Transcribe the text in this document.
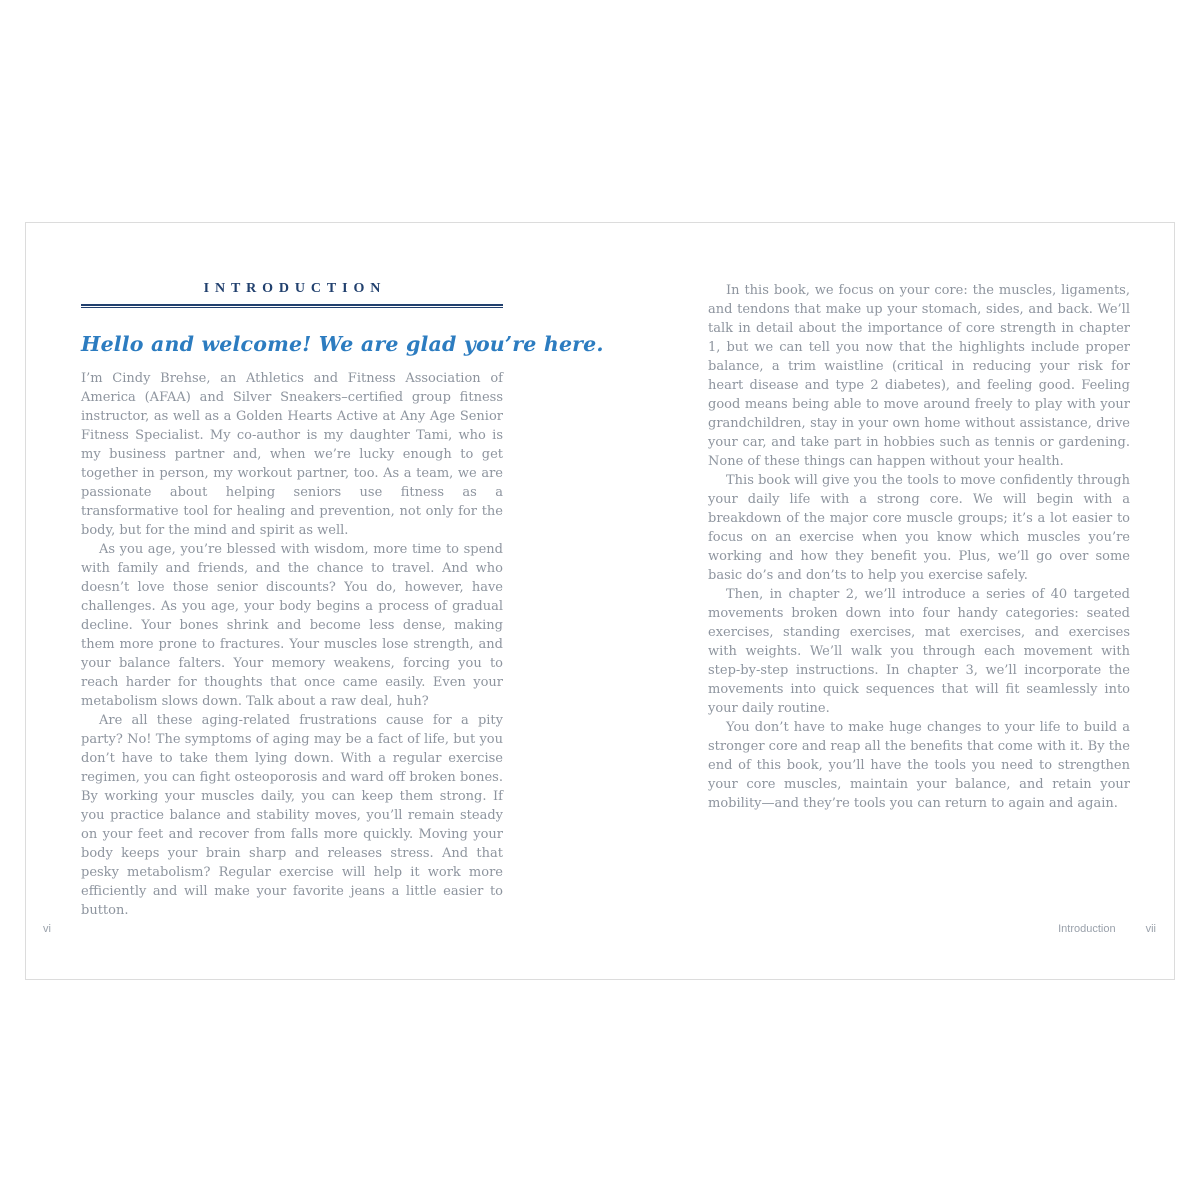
INTRODUCTION
Hello and welcome! We are glad you’re here.

I’m Cindy Brehse, an Athletics and Fitness Association of America (AFAA) and Silver Sneakers–certified group fitness instructor, as well as a Golden Hearts Active at Any Age Senior Fitness Specialist. My co-author is my daughter Tami, who is my business partner and, when we’re lucky enough to get together in person, my workout partner, too. As a team, we are passionate about helping seniors use fitness as a transformative tool for healing and prevention, not only for the body, but for the mind and spirit as well.

As you age, you’re blessed with wisdom, more time to spend with family and friends, and the chance to travel. And who doesn’t love those senior discounts? You do, however, have challenges. As you age, your body begins a process of gradual decline. Your bones shrink and become less dense, making them more prone to fractures. Your muscles lose strength, and your balance falters. Your memory weakens, forcing you to reach harder for thoughts that once came easily. Even your metabolism slows down. Talk about a raw deal, huh?

Are all these aging-related frustrations cause for a pity party? No! The symptoms of aging may be a fact of life, but you don’t have to take them lying down. With a regular exercise regimen, you can fight osteoporosis and ward off broken bones. By working your muscles daily, you can keep them strong. If you practice balance and stability moves, you’ll remain steady on your feet and recover from falls more quickly. Moving your body keeps your brain sharp and releases stress. And that pesky metabolism? Regular exercise will help it work more efficiently and will make your favorite jeans a little easier to button.

In this book, we focus on your core: the muscles, ligaments, and tendons that make up your stomach, sides, and back. We’ll talk in detail about the importance of core strength in chapter 1, but we can tell you now that the highlights include proper balance, a trim waistline (critical in reducing your risk for heart disease and type 2 diabetes), and feeling good. Feeling good means being able to move around freely to play with your grandchildren, stay in your own home without assistance, drive your car, and take part in hobbies such as tennis or gardening. None of these things can happen without your health.

This book will give you the tools to move confidently through your daily life with a strong core. We will begin with a breakdown of the major core muscle groups; it’s a lot easier to focus on an exercise when you know which muscles you’re working and how they benefit you. Plus, we’ll go over some basic do’s and don’ts to help you exercise safely.

Then, in chapter 2, we’ll introduce a series of 40 targeted movements broken down into four handy categories: seated exercises, standing exercises, mat exercises, and exercises with weights. We’ll walk you through each movement with step-by-step instructions. In chapter 3, we’ll incorporate the movements into quick sequences that will fit seamlessly into your daily routine.

You don’t have to make huge changes to your life to build a stronger core and reap all the benefits that come with it. By the end of this book, you’ll have the tools you need to strengthen your core muscles, maintain your balance, and retain your mobility—and they’re tools you can return to again and again.

vi	Introduction	vii
